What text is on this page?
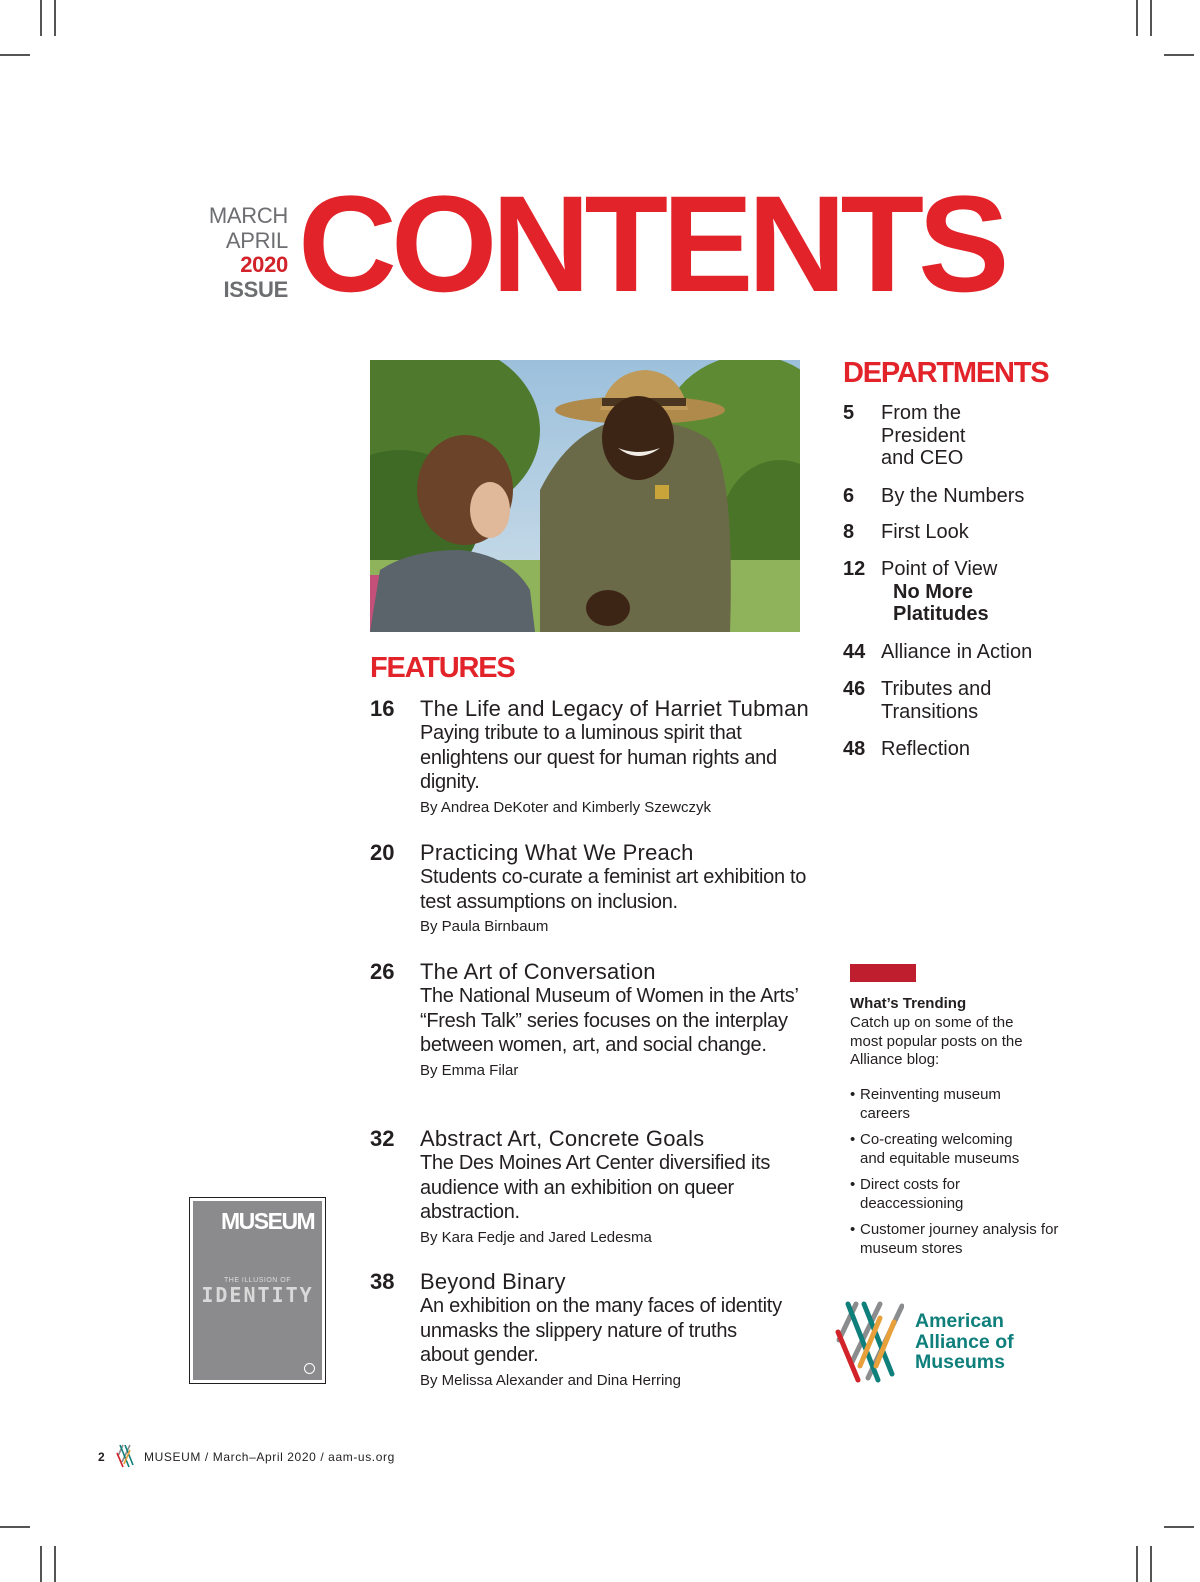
MARCH
APRIL
2020
ISSUE CONTENTS
FEATURES
16 The Life and Legacy of Harriet Tubman
Paying tribute to a luminous spirit that enlightens our quest for human rights and dignity.
By Andrea DeKoter and Kimberly Szewczyk
20 Practicing What We Preach
Students co-curate a feminist art exhibition to test assumptions on inclusion.
By Paula Birnbaum
26 The Art of Conversation
The National Museum of Women in the Arts’ “Fresh Talk” series focuses on the interplay between women, art, and social change.
By Emma Filar
32 Abstract Art, Concrete Goals
The Des Moines Art Center diversified its audience with an exhibition on queer abstraction.
By Kara Fedje and Jared Ledesma
38 Beyond Binary
An exhibition on the many faces of identity unmasks the slippery nature of truths about gender.
By Melissa Alexander and Dina Herring
DEPARTMENTS
5 From the President and CEO
6 By the Numbers
8 First Look
12 Point of View
No More Platitudes
44 Alliance in Action
46 Tributes and Transitions
48 Reflection
What’s Trending
Catch up on some of the most popular posts on the Alliance blog:
• Reinventing museum careers
• Co-creating welcoming and equitable museums
• Direct costs for deaccessioning
• Customer journey analysis for museum stores
American
Alliance of
Museums
MUSEUM
THE ILLUSION OF
IDENTITY
2	MUSEUM / March–April 2020 / aam-us.org
